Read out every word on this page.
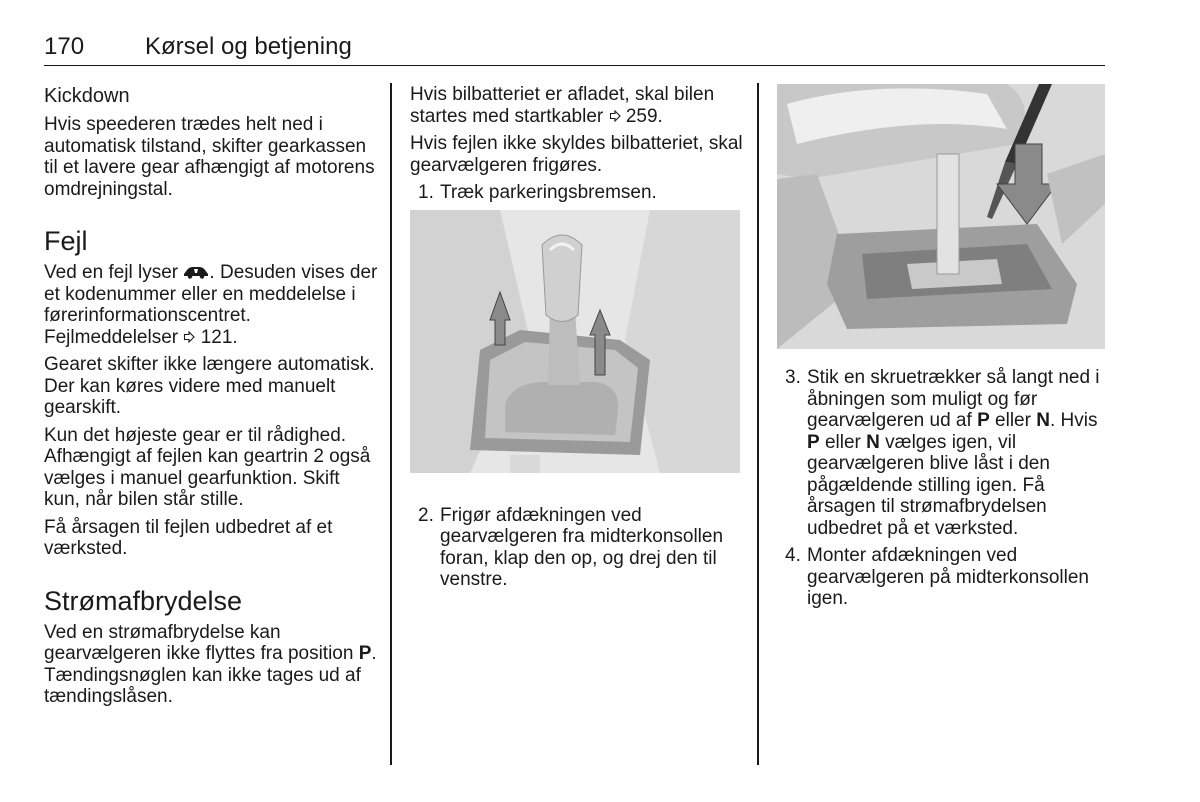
170	Kørsel og betjening
Kickdown

Hvis speederen trædes helt ned i automatisk tilstand, skifter gearkassen til et lavere gear afhængigt af motorens omdrejningstal.

Fejl

Ved en fejl lyser . Desuden vises der et kodenummer eller en meddelelse i førerinformationscentret. Fejlmeddelelser  121.

Gearet skifter ikke længere automatisk. Der kan køres videre med manuelt gearskift.

Kun det højeste gear er til rådighed. Afhængigt af fejlen kan geartrin 2 også vælges i manuel gearfunktion. Skift kun, når bilen står stille.

Få årsagen til fejlen udbedret af et værksted.

Strømafbrydelse

Ved en strømafbrydelse kan gearvælgeren ikke flyttes fra position P. Tændingsnøglen kan ikke tages ud af tændingslåsen.

Hvis bilbatteriet er afladet, skal bilen startes med startkabler  259.

Hvis fejlen ikke skyldes bilbatteriet, skal gearvælgeren frigøres.

1. Træk parkeringsbremsen.
2. Frigør afdækningen ved gearvælgeren fra midterkonsollen foran, klap den op, og drej den til venstre.
3. Stik en skruetrækker så langt ned i åbningen som muligt og før gearvælgeren ud af P eller N. Hvis P eller N vælges igen, vil gearvælgeren blive låst i den pågældende stilling igen. Få årsagen til strømafbrydelsen udbedret på et værksted.
4. Monter afdækningen ved gearvælgeren på midterkonsollen igen.
